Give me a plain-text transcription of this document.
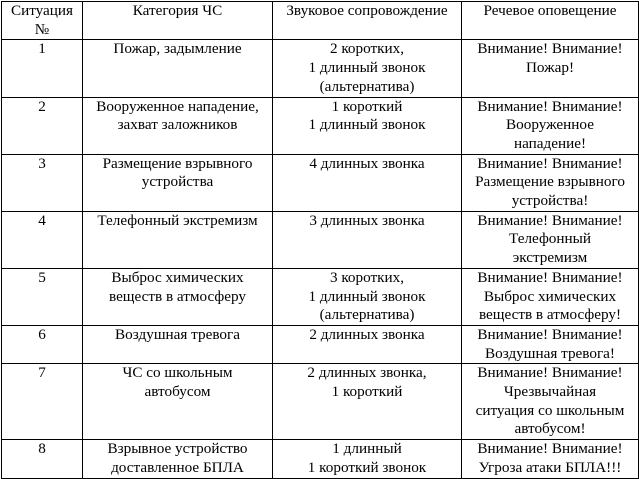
Ситуация
№	Категория ЧС	Звуковое сопровождение	Речевое оповещение

1	Пожар, задымление	2 коротких,
1 длинный звонок
(альтернатива)	Внимание! Внимание!
Пожар!

2	Вооруженное нападение,
захват заложников	1 короткий
1 длинный звонок	Внимание! Внимание!
Вооруженное
нападение!

3	Размещение взрывного
устройства	4 длинных звонка	Внимание! Внимание!
Размещение взрывного
устройства!

4	Телефонный экстремизм	3 длинных звонка	Внимание! Внимание!
Телефонный
экстремизм

5	Выброс химических
веществ в атмосферу	3 коротких,
1 длинный звонок
(альтернатива)	Внимание! Внимание!
Выброс химических
веществ в атмосферу!

6	Воздушная тревога	2 длинных звонка	Внимание! Внимание!
Воздушная тревога!

7	ЧС со школьным
автобусом	2 длинных звонка,
1 короткий	Внимание! Внимание!
Чрезвычайная
ситуация со школьным
автобусом!

8	Взрывное устройство
доставленное БПЛА	1 длинный
1 короткий звонок	Внимание! Внимание!
Угроза атаки БПЛА!!!
